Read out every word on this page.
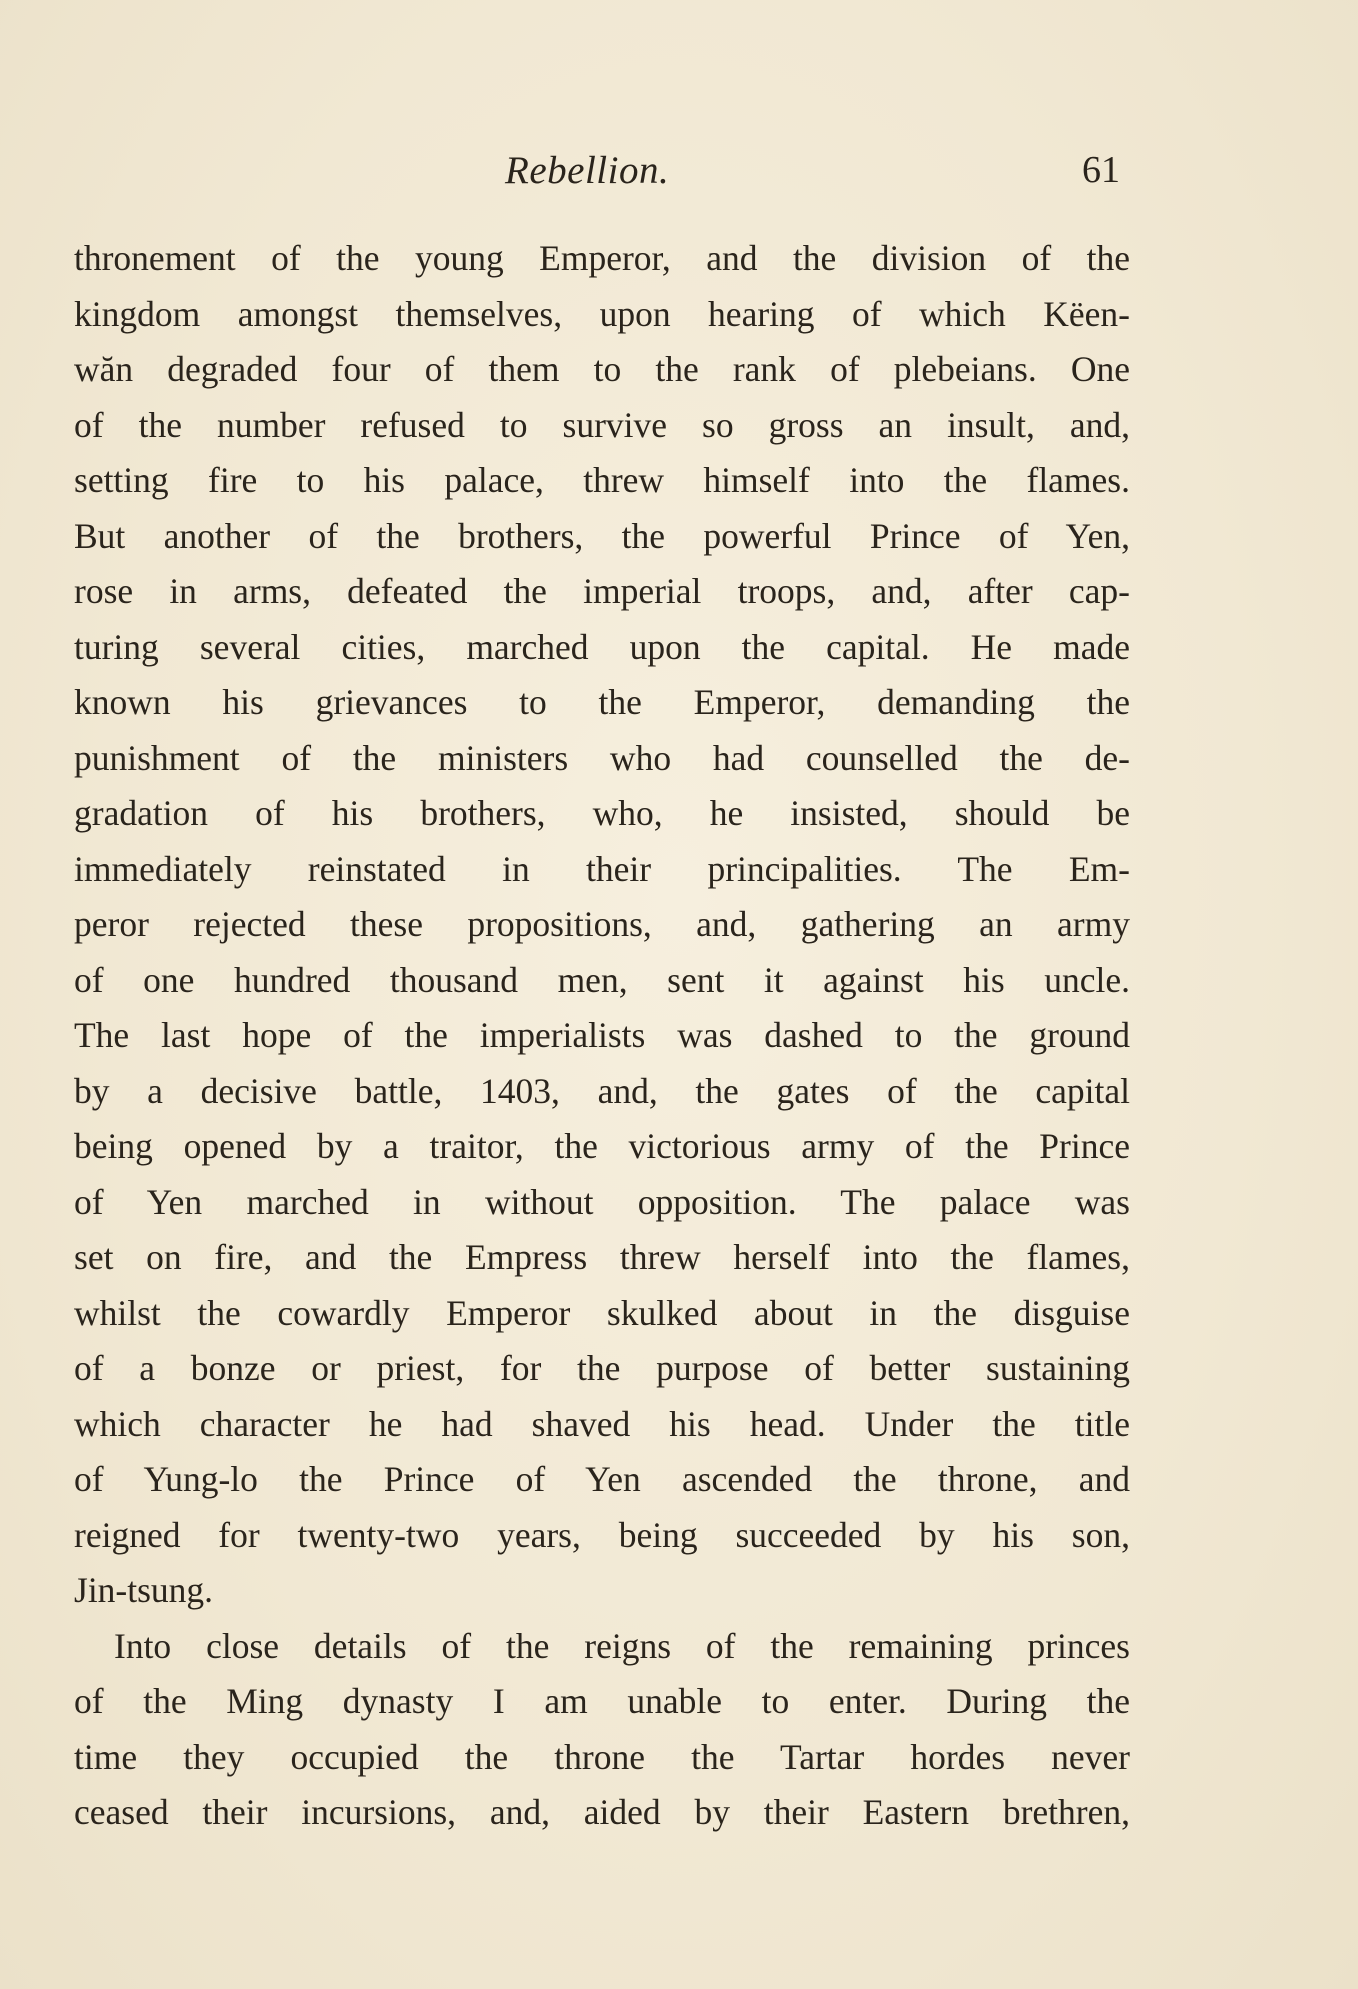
Rebellion.	61
thronement of the young Emperor, and the division of the
kingdom amongst themselves, upon hearing of which Këen-
wăn degraded four of them to the rank of plebeians. One
of the number refused to survive so gross an insult, and,
setting fire to his palace, threw himself into the flames.
But another of the brothers, the powerful Prince of Yen,
rose in arms, defeated the imperial troops, and, after cap-
turing several cities, marched upon the capital. He made
known his grievances to the Emperor, demanding the
punishment of the ministers who had counselled the de-
gradation of his brothers, who, he insisted, should be
immediately reinstated in their principalities. The Em-
peror rejected these propositions, and, gathering an army
of one hundred thousand men, sent it against his uncle.
The last hope of the imperialists was dashed to the ground
by a decisive battle, 1403, and, the gates of the capital
being opened by a traitor, the victorious army of the Prince
of Yen marched in without opposition. The palace was
set on fire, and the Empress threw herself into the flames,
whilst the cowardly Emperor skulked about in the disguise
of a bonze or priest, for the purpose of better sustaining
which character he had shaved his head. Under the title
of Yung-lo the Prince of Yen ascended the throne, and
reigned for twenty-two years, being succeeded by his son,
Jin-tsung.
Into close details of the reigns of the remaining princes
of the Ming dynasty I am unable to enter. During the
time they occupied the throne the Tartar hordes never
ceased their incursions, and, aided by their Eastern brethren,
